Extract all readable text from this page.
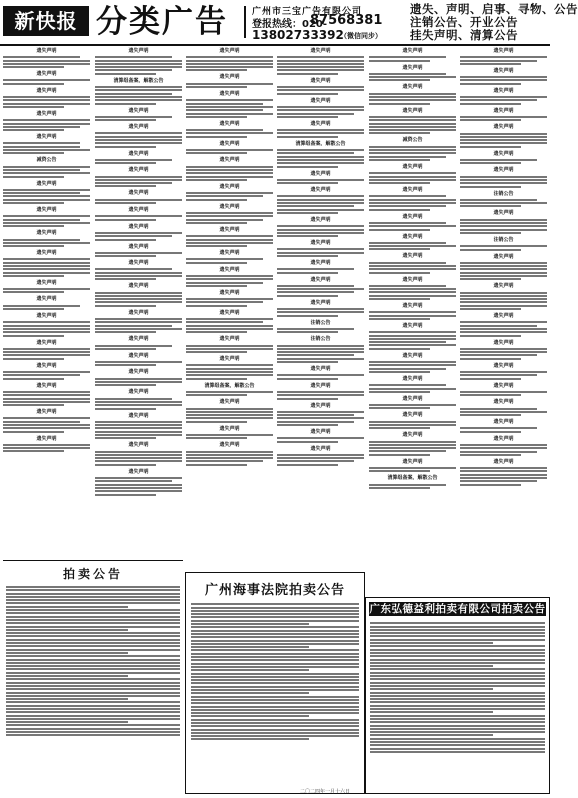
新快报 分类广告	广州市三宝广告有限公司
登报热线：020-
87568381
13802733392
（微信同步）
遗失、声明、启事、寻物、公告
注销公告、开业公告
挂失声明、清算公告
遗失声明
遗失声明
遗失声明
遗失声明
遗失声明
减资公告
遗失声明
遗失声明
遗失声明
遗失声明
遗失声明
遗失声明
遗失声明
遗失声明
遗失声明
遗失声明
遗失声明
遗失声明
遗失声明
清算组备案、解散公告
遗失声明
遗失声明
遗失声明
遗失声明
遗失声明
遗失声明
遗失声明
遗失声明
遗失声明
遗失声明
遗失声明
遗失声明
遗失声明
遗失声明
遗失声明
遗失声明
遗失声明
遗失声明
遗失声明
遗失声明
遗失声明
遗失声明
遗失声明
遗失声明
遗失声明
遗失声明
遗失声明
遗失声明
遗失声明
遗失声明
遗失声明
遗失声明
遗失声明
清算组备案、解散公告
遗失声明
遗失声明
遗失声明
遗失声明
遗失声明
遗失声明
遗失声明
清算组备案、解散公告
遗失声明
遗失声明
遗失声明
遗失声明
遗失声明
遗失声明
遗失声明
注销公告
注销公告
遗失声明
遗失声明
遗失声明
遗失声明
遗失声明
遗失声明
遗失声明
遗失声明
遗失声明
减资公告
遗失声明
遗失声明
遗失声明
遗失声明
遗失声明
遗失声明
遗失声明
遗失声明
遗失声明
遗失声明
遗失声明
遗失声明
遗失声明
遗失声明
清算组备案、解散公告
遗失声明
遗失声明
遗失声明
遗失声明
遗失声明
遗失声明
遗失声明
注销公告
遗失声明
注销公告
遗失声明
遗失声明
遗失声明
遗失声明
遗失声明
遗失声明
遗失声明
遗失声明
遗失声明
遗失声明
拍卖公告
广州海事法院拍卖公告
广东弘德益利拍卖有限公司拍卖公告
二〇二四年一月十六日
